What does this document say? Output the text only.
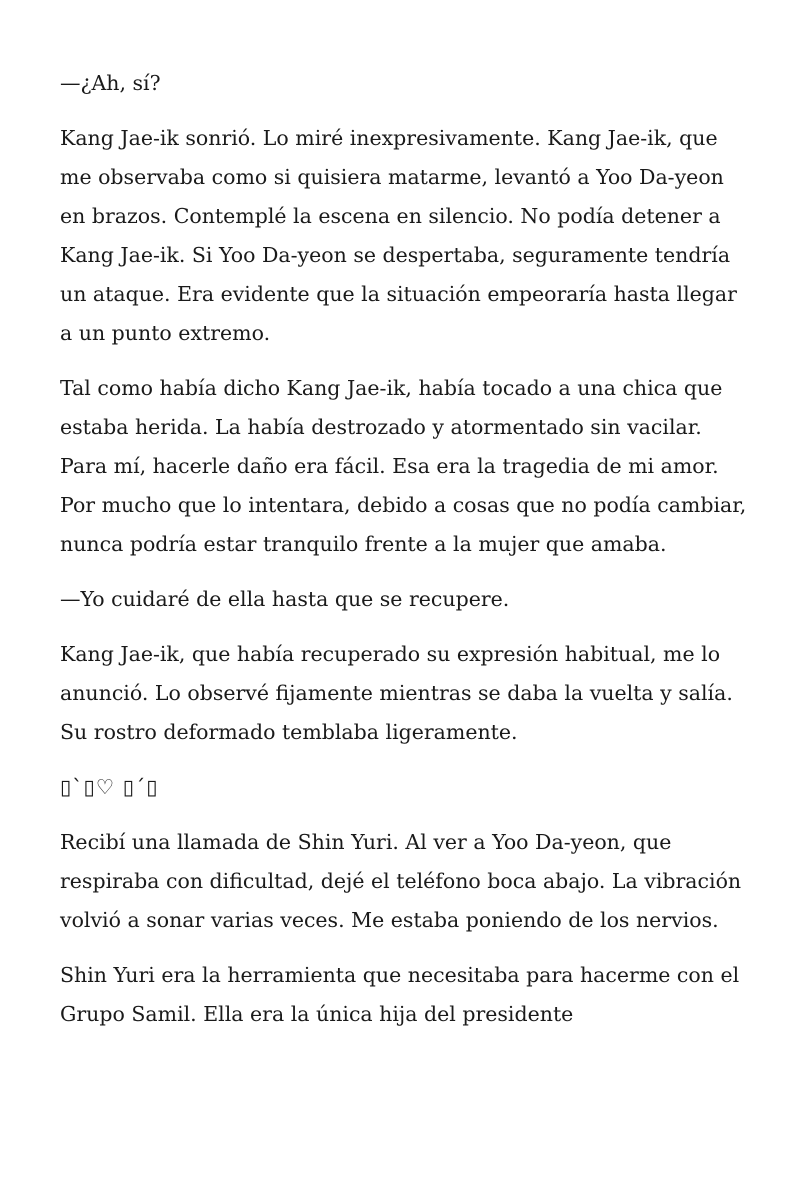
—¿Ah, sí?

Kang Jae-ik sonrió. Lo miré inexpresivamente. Kang Jae-ik, que me observaba como si quisiera matarme, levantó a Yoo Da-yeon en brazos. Contemplé la escena en silencio. No podía detener a Kang Jae-ik. Si Yoo Da-yeon se despertaba, seguramente tendría un ataque. Era evidente que la situación empeoraría hasta llegar a un punto extremo.

Tal como había dicho Kang Jae-ik, había tocado a una chica que estaba herida. La había destrozado y atormentado sin vacilar. Para mí, hacerle daño era fácil. Esa era la tragedia de mi amor. Por mucho que lo intentara, debido a cosas que no podía cambiar, nunca podría estar tranquilo frente a la mujer que amaba.

—Yo cuidaré de ella hasta que se recupere.

Kang Jae-ik, que había recuperado su expresión habitual, me lo anunció. Lo observé fijamente mientras se daba la vuelta y salía. Su rostro deformado temblaba ligeramente.

▯`▯♡ ▯´▯

Recibí una llamada de Shin Yuri. Al ver a Yoo Da-yeon, que respiraba con dificultad, dejé el teléfono boca abajo. La vibración volvió a sonar varias veces. Me estaba poniendo de los nervios.

Shin Yuri era la herramienta que necesitaba para hacerme con el Grupo Samil. Ella era la única hija del presidente
